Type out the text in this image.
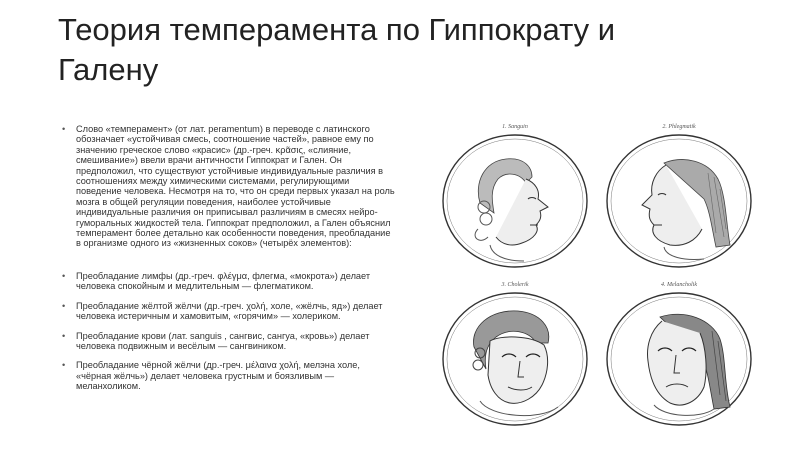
Теория темперамента по Гиппократу и Галену

• Слово «темперамент» (от лат. peramentum) в переводе с латинского обозначает «устойчивая смесь, соотношение частей», равное ему по значению греческое слово «красис» (др.-греч. κρᾶσις, «слияние, смешивание») ввели врачи античности Гиппократ и Гален. Он предположил, что существуют устойчивые индивидуальные различия в соотношениях между химическими системами, регулирующими поведение человека. Несмотря на то, что он среди первых указал на роль мозга в общей регуляции поведения, наиболее устойчивые индивидуальные различия он приписывал различиям в смесях нейро-гуморальных жидкостей тела. Гиппократ предположил, а Гален объяснил темперамент более детально как особенности поведения, преобладание в организме одного из «жизненных соков» (четырёх элементов):

• Преобладание лимфы (др.-греч. φλέγμα, флегма, «мокрота») делает человека спокойным и медлительным — флегматиком.

• Преобладание жёлтой жёлчи (др.-греч. χολή, холе, «жёлчь, яд») делает человека истеричным и хамовитым, «горячим» — холериком.

• Преобладание крови (лат. sanguis , сангвис, сангуа, «кровь») делает человека подвижным и весёлым — сангвиником.

• Преобладание чёрной жёлчи (др.-греч. μέλαινα χολή, мелэна холе, «чёрная жёлчь») делает человека грустным и боязливым — меланхоликом.

1. Sanguin	2. Phlegmatik
3. Cholerik	4. Melancholik
